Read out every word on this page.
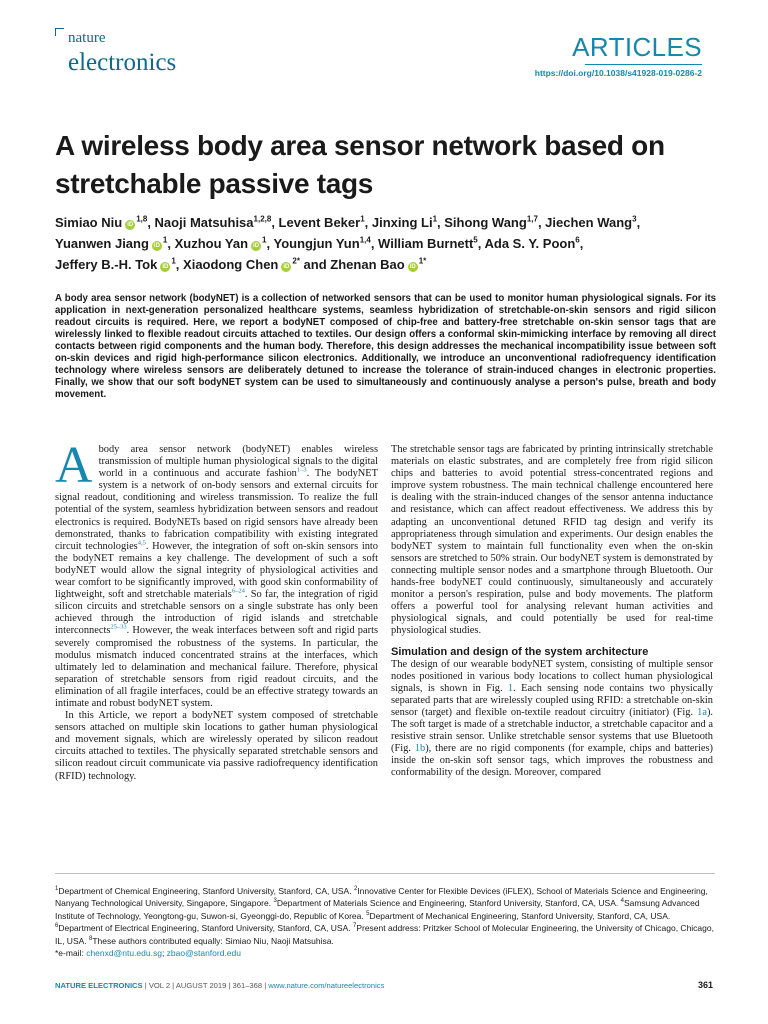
nature
electronics
ARTICLES
https://doi.org/10.1038/s41928-019-0286-2
A wireless body area sensor network based on stretchable passive tags
Simiao Niu iD$^{1,8}$, Naoji Matsuhisa$^{1,2,8}$, Levent Beker$^1$, Jinxing Li$^1$, Sihong Wang$^{1,7}$, Jiechen Wang$^3$, Yuanwen Jiang $iD^1$, Xuzhou Yan $iD^1$, Youngjun Yun$^{1,4}$, William Burnett$^5$, Ada S. Y. Poon$^6$, Jeffery B.-H. Tok $iD^1$, Xiaodong Chen $iD^{2*}$ and Zhenan Bao $iD^{1*}$
A body area sensor network (bodyNET) is a collection of networked sensors that can be used to monitor human physiological signals. For its application in next-generation personalized healthcare systems, seamless hybridization of stretchable-on-skin sensors and rigid silicon readout circuits is required. Here, we report a bodyNET composed of chip-free and battery-free stretchable on-skin sensor tags that are wirelessly linked to flexible readout circuits attached to textiles. Our design offers a conformal skin-mimicking interface by removing all direct contacts between rigid components and the human body. Therefore, this design addresses the mechanical incompatibility issue between soft on-skin devices and rigid high-performance silicon electronics. Additionally, we introduce an unconventional radiofrequency identification technology where wireless sensors are deliberately detuned to increase the tolerance of strain-induced changes in electronic properties. Finally, we show that our soft bodyNET system can be used to simultaneously and continuously analyse a person's pulse, breath and body movement.

Abody area sensor network (bodyNET) enables wireless transmission of multiple human physiological signals to the digital world in a continuous and accurate fashion$^{1-3}$. The bodyNET system is a network of on-body sensors and external circuits for signal readout, conditioning and wireless transmission. To realize the full potential of the system, seamless hybridization between sensors and readout electronics is required. BodyNETs based on rigid sensors have already been demonstrated, thanks to fabrication compatibility with existing integrated circuit technologies$^{4,5}$. However, the integration of soft on-skin sensors into the bodyNET remains a key challenge. The development of such a soft bodyNET would allow the signal integrity of physiological activities and wear comfort to be significantly improved, with good skin conformability of lightweight, soft and stretchable materials$^{6-24}$. So far, the integration of rigid silicon circuits and stretchable sensors on a single substrate has only been achieved through the introduction of rigid islands and stretchable interconnects$^{25-33}$. However, the weak interfaces between soft and rigid parts severely compromised the robustness of the systems. In particular, the modulus mismatch induced concentrated strains at the interfaces, which ultimately led to delamination and mechanical failure. Therefore, physical separation of stretchable sensors from rigid readout circuits, and the elimination of all fragile interfaces, could be an effective strategy towards an intimate and robust bodyNET system.

In this Article, we report a bodyNET system composed of stretchable sensors attached on multiple skin locations to gather human physiological and movement signals, which are wirelessly operated by silicon readout circuits attached to textiles. The physically separated stretchable sensors and silicon readout circuit communicate via passive radiofrequency identification (RFID) technology.

The stretchable sensor tags are fabricated by printing intrinsically stretchable materials on elastic substrates, and are completely free from rigid silicon chips and batteries to avoid potential stress-concentrated regions and improve system robustness. The main technical challenge encountered here is dealing with the strain-induced changes of the sensor antenna inductance and resistance, which can affect readout effectiveness. We address this by adapting an unconventional detuned RFID tag design and verify its appropriateness through simulation and experiments. Our design enables the bodyNET system to maintain full functionality even when the on-skin sensors are stretched to 50% strain. Our bodyNET system is demonstrated by connecting multiple sensor nodes and a smartphone through Bluetooth. Our hands-free bodyNET could continuously, simultaneously and accurately monitor a person's respiration, pulse and body movements. The platform offers a powerful tool for analysing relevant human activities and physiological signals, and could potentially be used for real-time physiological studies.

Simulation and design of the system architecture

The design of our wearable bodyNET system, consisting of multiple sensor nodes positioned in various body locations to collect human physiological signals, is shown in Fig. 1. Each sensing node contains two physically separated parts that are wirelessly coupled using RFID: a stretchable on-skin sensor (target) and flexible on-textile readout circuitry (initiator) (Fig. 1a). The soft target is made of a stretchable inductor, a stretchable capacitor and a resistive strain sensor. Unlike stretchable sensor systems that use Bluetooth (Fig. 1b), there are no rigid components (for example, chips and batteries) inside the on-skin soft sensor tags, which improves the robustness and conformability of the design. Moreover, compared

$^1$Department of Chemical Engineering, Stanford University, Stanford, CA, USA. $^2$Innovative Center for Flexible Devices (iFLEX), School of Materials Science and Engineering, Nanyang Technological University, Singapore, Singapore. $^3$Department of Materials Science and Engineering, Stanford University, Stanford, CA, USA. $^4$Samsung Advanced Institute of Technology, Yeongtong-gu, Suwon-si, Gyeonggi-do, Republic of Korea. $^5$Department of Mechanical Engineering, Stanford University, Stanford, CA, USA. $^6$Department of Electrical Engineering, Stanford University, Stanford, CA, USA. $^7$Present address: Pritzker School of Molecular Engineering, the University of Chicago, Chicago, IL, USA. $^8$These authors contributed equally: Simiao Niu, Naoji Matsuhisa.
*e-mail: chenxd@ntu.edu.sg; zbao@stanford.edu
NATURE ELECTRONICS | VOL 2 | AUGUST 2019 | 361–368 | www.nature.com/natureelectronics	361
